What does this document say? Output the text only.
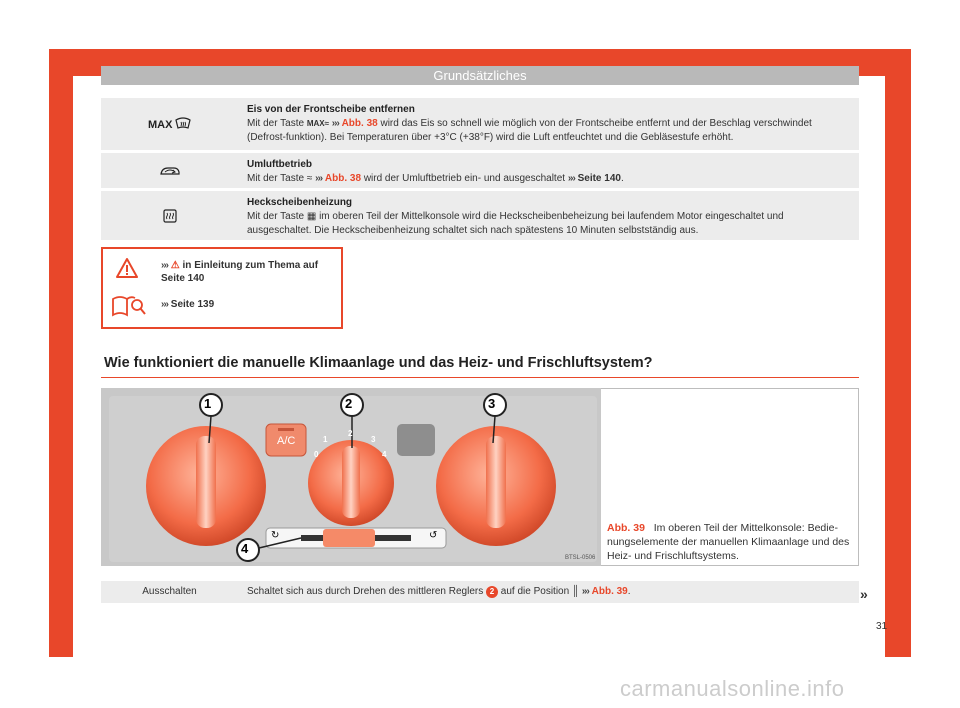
Grundsätzliches
MAX
Eis von der Frontscheibe entfernen
Mit der Taste MAX≈ ››› Abb. 38 wird das Eis so schnell wie möglich von der Frontscheibe entfernt und der Beschlag verschwindet (Defrost-funktion). Bei Temperaturen über +3°C (+38°F) wird die Luft entfeuchtet und die Gebläsestufe erhöht.
Umluftbetrieb
Mit der Taste ≈ ››› Abb. 38 wird der Umluftbetrieb ein- und ausgeschaltet ››› Seite 140.
Heckscheibenheizung
Mit der Taste ▦ im oberen Teil der Mittelkonsole wird die Heckscheibenbeheizung bei laufendem Motor eingeschaltet und ausgeschaltet. Die Heckscheibenheizung schaltet sich nach spätestens 10 Minuten selbstständig aus.
››› ⚠ in Einleitung zum Thema auf Seite 140
››› Seite 139
Wie funktioniert die manuelle Klimaanlage und das Heiz- und Frischluftsystem?
1	2	3
4
A/C
0
1
2
3
4
↻	↺
BTSL-0506
Abb. 39 Im oberen Teil der Mittelkonsole: Bedie-nungselemente der manuellen Klimaanlage und des Heiz- und Frischluftsystems.
Ausschalten	Schaltet sich aus durch Drehen des mittleren Reglers 2 auf die Position ║ ››› Abb. 39.	»
31
carmanualsonline.info
